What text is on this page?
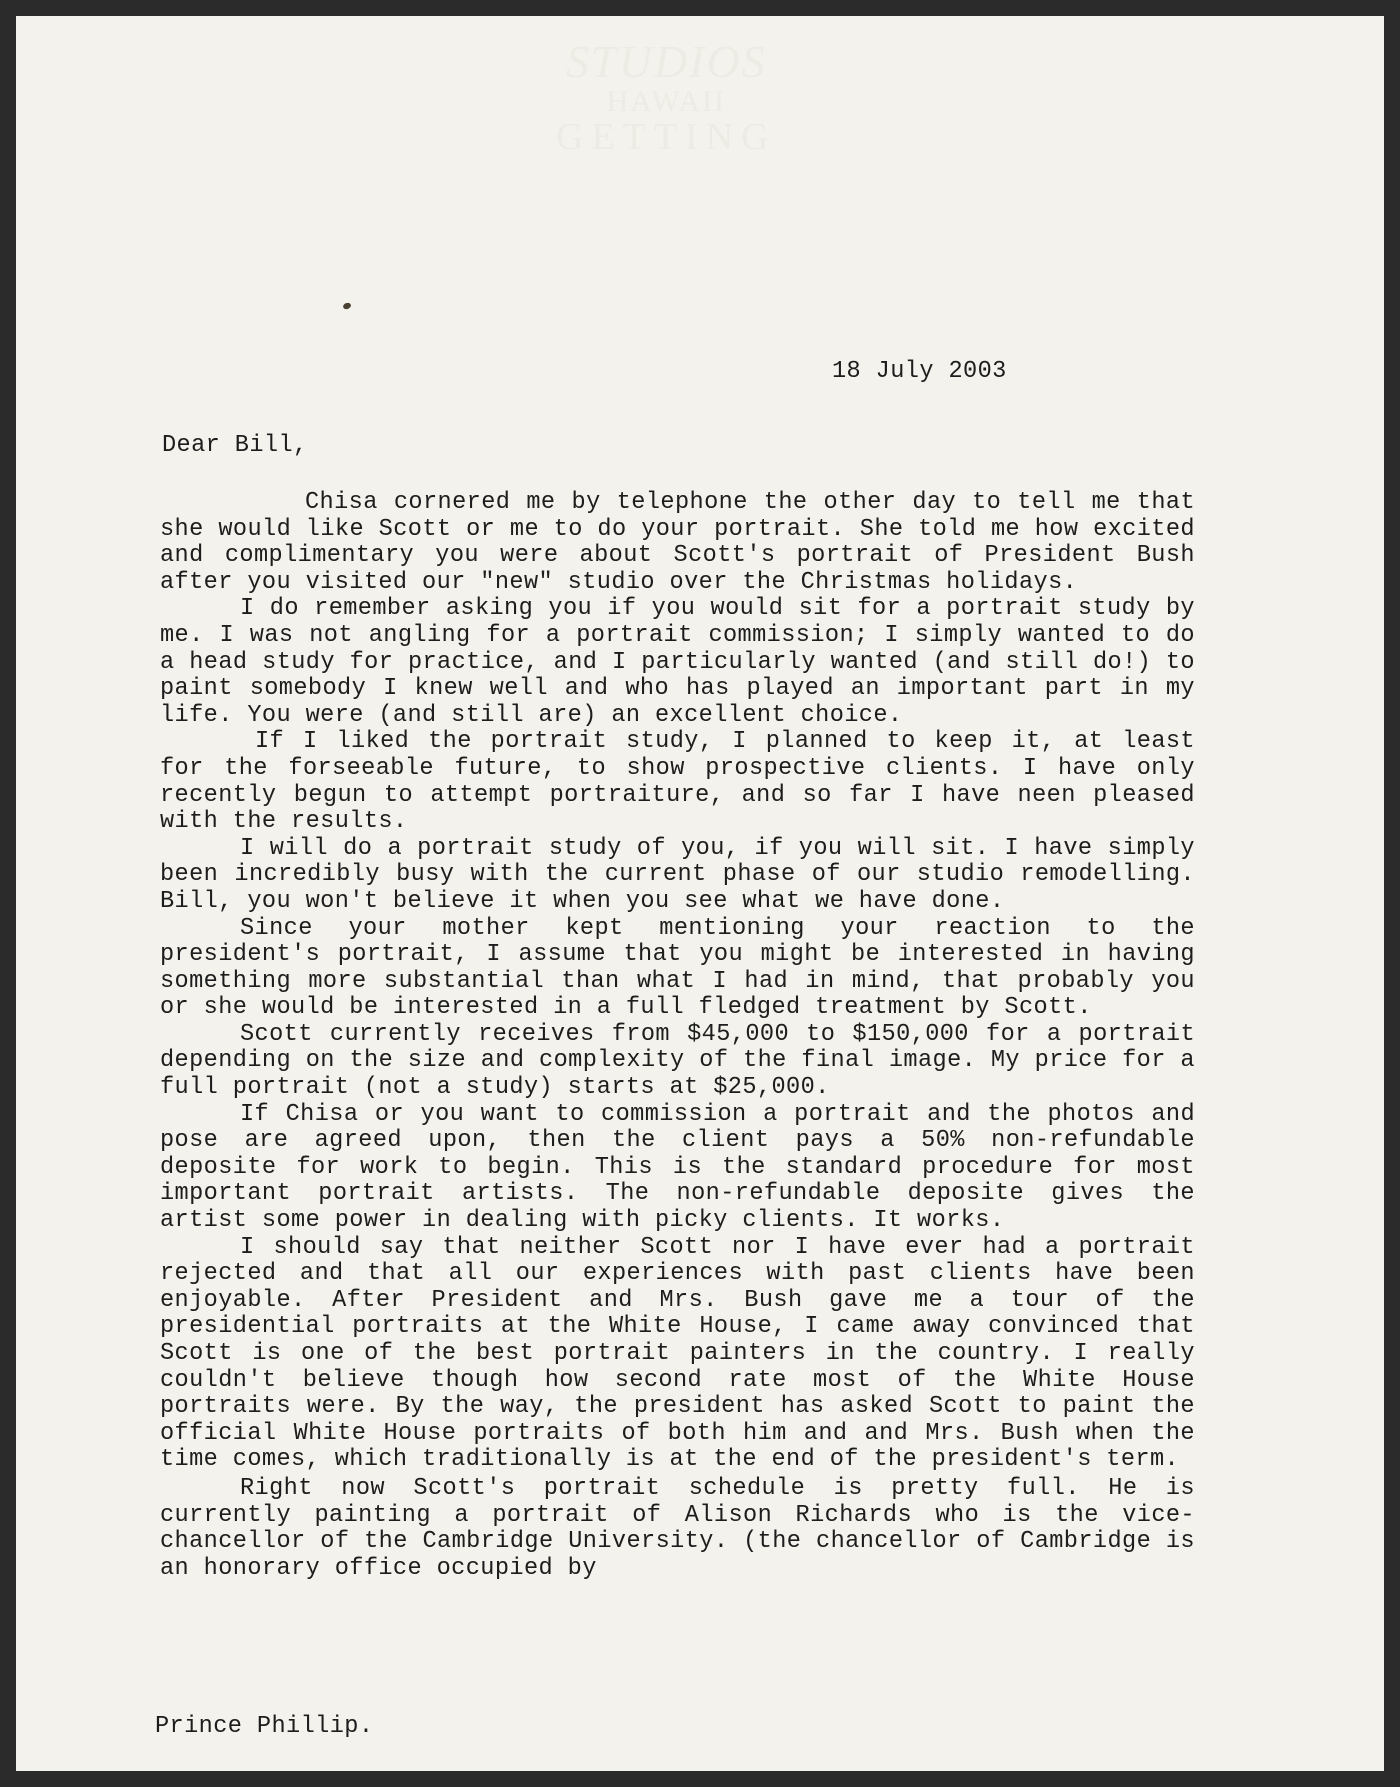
STUDIOS
HAWAII
GETTING
18 July 2003
Dear Bill,

Chisa cornered me by telephone the other day to tell me that she would like Scott or me to do your portrait. She told me how excited and complimentary you were about Scott's portrait of President Bush after you visited our "new" studio over the Christmas holidays.

I do remember asking you if you would sit for a portrait study by me. I was not angling for a portrait commission; I simply wanted to do a head study for practice, and I particularly wanted (and still do!) to paint somebody I knew well and who has played an important part in my life. You were (and still are) an excellent choice.

If I liked the portrait study, I planned to keep it, at least for the forseeable future, to show prospective clients. I have only recently begun to attempt portraiture, and so far I have neen pleased with the results.

I will do a portrait study of you, if you will sit. I have simply been incredibly busy with the current phase of our studio remodelling. Bill, you won't believe it when you see what we have done.

Since your mother kept mentioning your reaction to the president's portrait, I assume that you might be interested in having something more substantial than what I had in mind, that probably you or she would be interested in a full fledged treatment by Scott.

Scott currently receives from $45,000 to $150,000 for a portrait depending on the size and complexity of the final image. My price for a full portrait (not a study) starts at $25,000.

If Chisa or you want to commission a portrait and the photos and pose are agreed upon, then the client pays a 50% non-refundable deposite for work to begin. This is the standard procedure for most important portrait artists. The non-refundable deposite gives the artist some power in dealing with picky clients. It works.

I should say that neither Scott nor I have ever had a portrait rejected and that all our experiences with past clients have been enjoyable. After President and Mrs. Bush gave me a tour of the presidential portraits at the White House, I came away convinced that Scott is one of the best portrait painters in the country. I really couldn't believe though how second rate most of the White House portraits were. By the way, the president has asked Scott to paint the official White House portraits of both him and and Mrs. Bush when the time comes, which traditionally is at the end of the president's term.

Right now Scott's portrait schedule is pretty full. He is currently painting a portrait of Alison Richards who is the vice-chancellor of the Cambridge University. (the chancellor of Cambridge is an honorary office occupied by

Prince Phillip.
